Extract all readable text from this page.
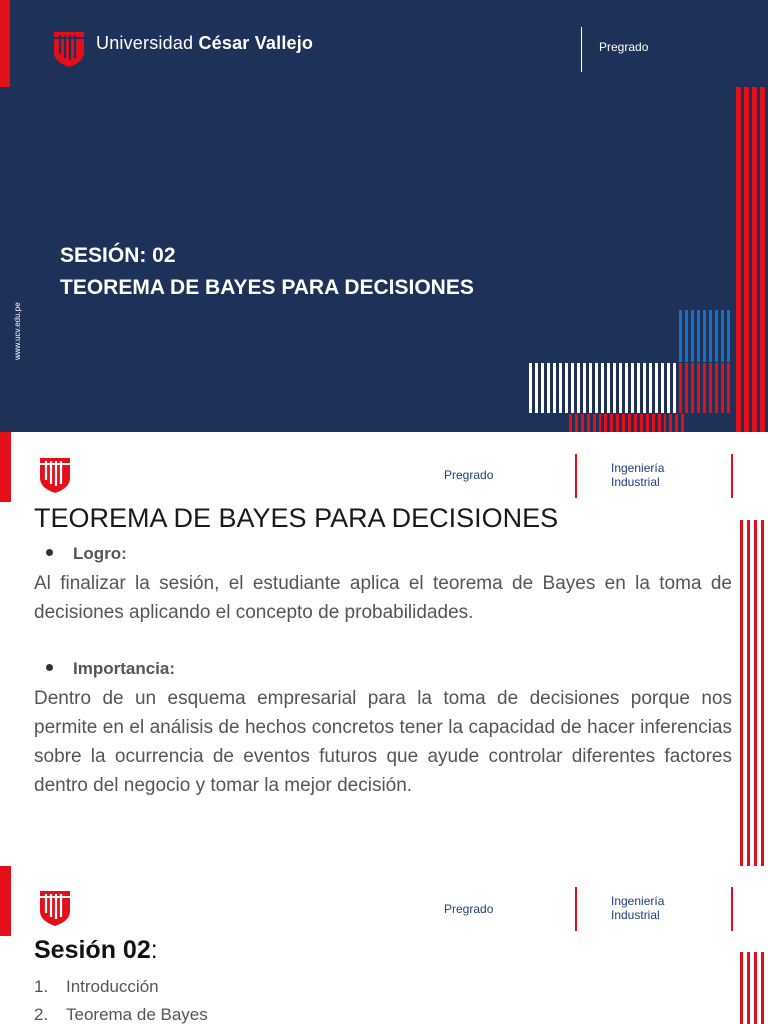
Universidad César Vallejo	Pregrado
SESIÓN: 02
TEOREMA DE BAYES PARA DECISIONES
www.ucv.edu.pe
Pregrado	Ingeniería
Industrial
TEOREMA DE BAYES PARA DECISIONES
Logro:

Al finalizar la sesión, el estudiante aplica el teorema de Bayes en la toma de decisiones aplicando el concepto de probabilidades.

Importancia:

Dentro de un esquema empresarial para la toma de decisiones porque nos permite en el análisis de hechos concretos tener la capacidad de hacer inferencias sobre la ocurrencia de eventos futuros que ayude controlar diferentes factores dentro del negocio y tomar la mejor decisión.

Pregrado
Ingeniería
Industrial
Sesión 02:
1. Introducción
2. Teorema de Bayes
